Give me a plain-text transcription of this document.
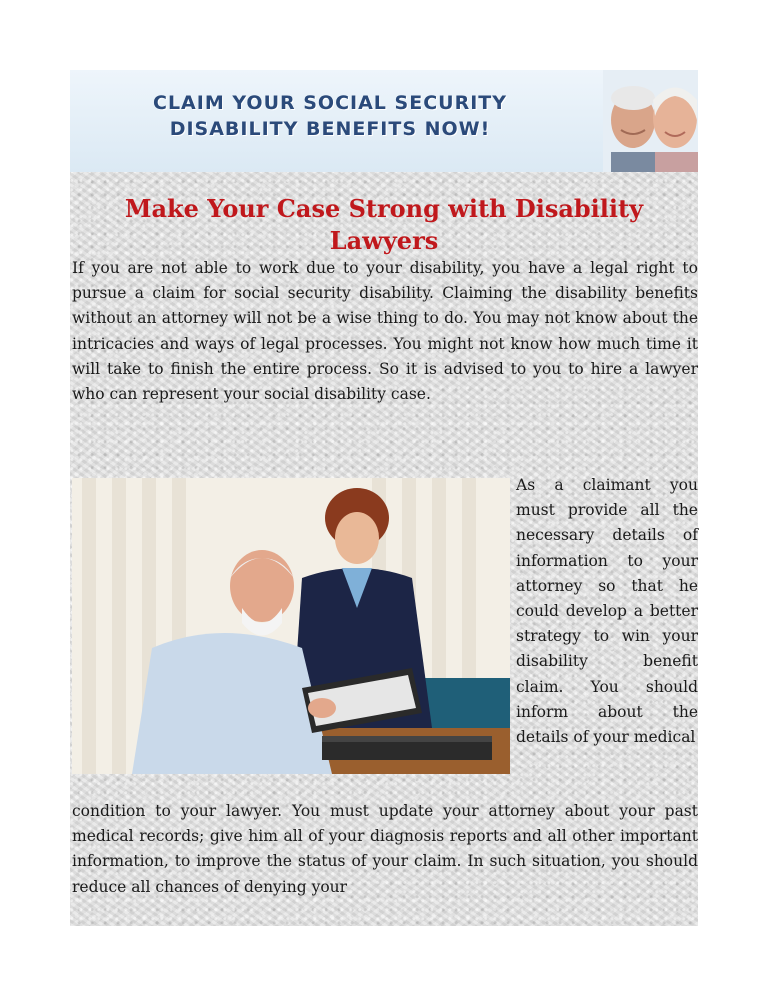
CLAIM YOUR SOCIAL SECURITY
DISABILITY BENEFITS NOW!
Make Your Case Strong with Disability Lawyers

If you are not able to work due to your disability, you have a legal right to pursue a claim for social security disability. Claiming the disability benefits without an attorney will not be a wise thing to do. You may not know about the intricacies and ways of legal processes. You might not know how much time it will take to finish the entire process. So it is advised to you to hire a lawyer who can represent your social disability case.

As a claimant you must provide all the necessary details of information to your attorney so that he could develop a better strategy to win your disability benefit claim. You should inform about the details of your medical

condition to your lawyer. You must update your attorney about your past medical records; give him all of your diagnosis reports and all other important information, to improve the status of your claim. In such situation, you should reduce all chances of denying your
